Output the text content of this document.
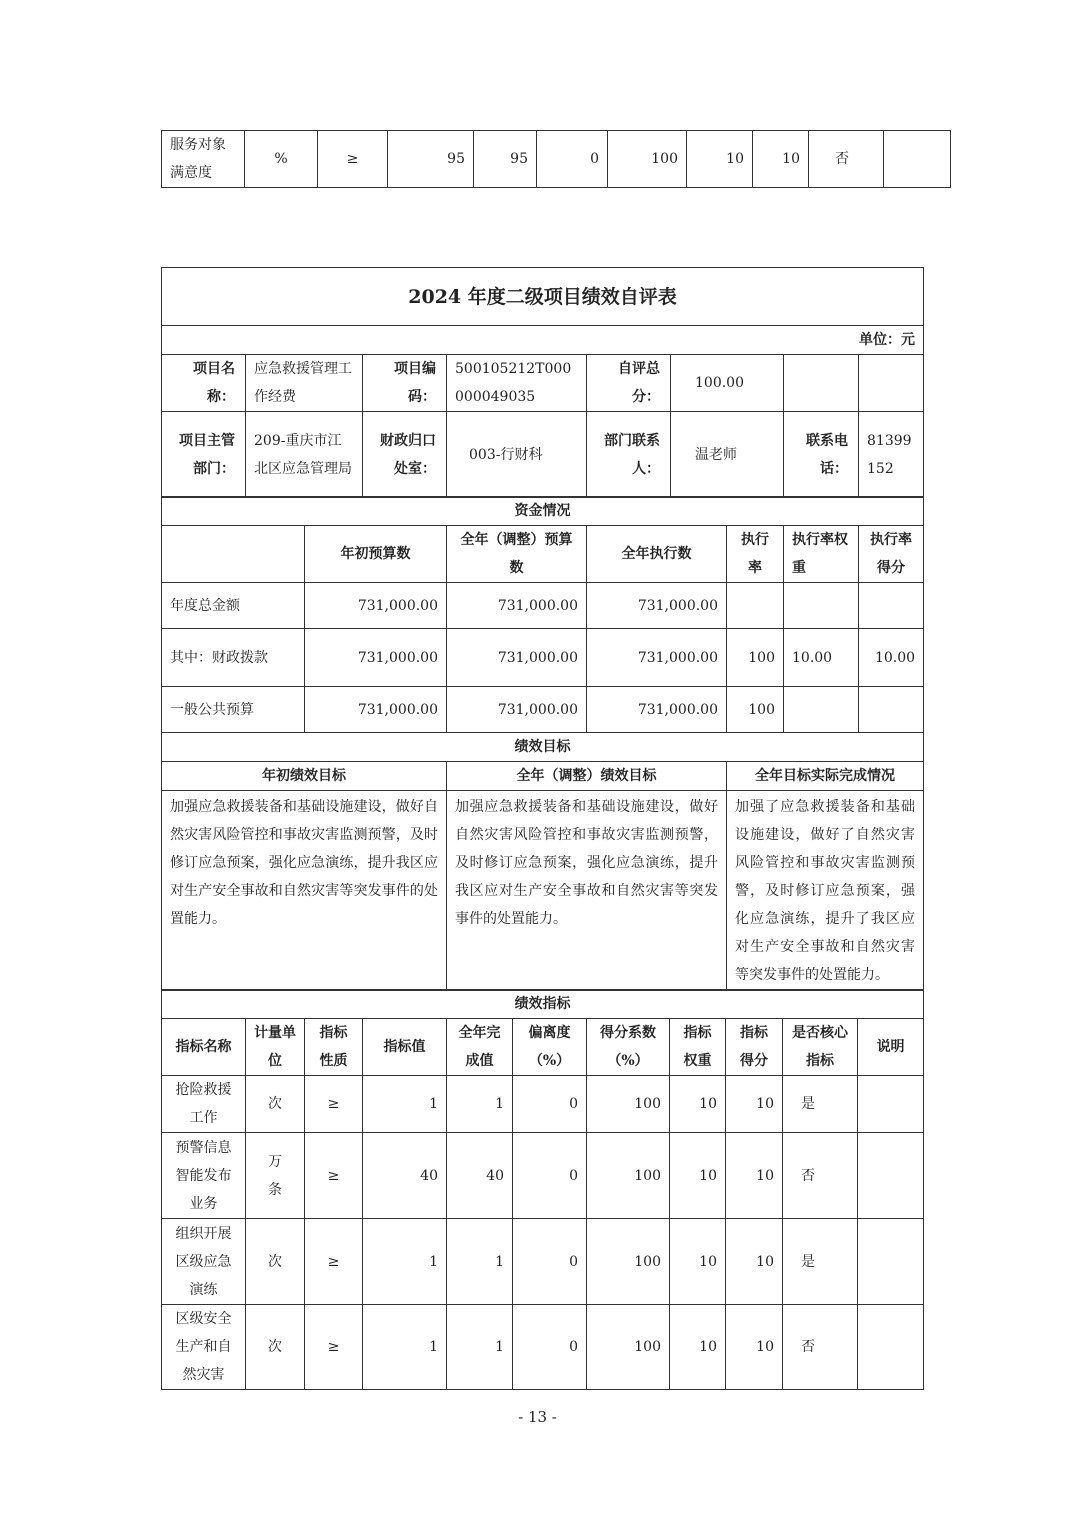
服务对象满意度	%	≥	95	95	0	100	10	10	否	
2024 年度二级项目绩效自评表							
单位：元							
项目名称：	应急救援管理工作经费	项目编码：	500105212T000000049035	自评总分：	100.00		
项目主管部门：	209-重庆市江北区应急管理局	财政归口处室：	003-行财科	部门联系人：	温老师	联系电话：	81399152
资金情况						
	年初预算数	全年（调整）预算数	全年执行数	执行率	执行率权重	执行率得分
年度总金额	731,000.00	731,000.00	731,000.00			
其中：财政拨款	731,000.00	731,000.00	731,000.00	100	10.00	10.00
一般公共预算	731,000.00	731,000.00	731,000.00	100		
绩效目标		
年初绩效目标	全年（调整）绩效目标	全年目标实际完成情况
加强应急救援装备和基础设施建设，做好自然灾害风险管控和事故灾害监测预警，及时修订应急预案，强化应急演练，提升我区应对生产安全事故和自然灾害等突发事件的处置能力。	加强应急救援装备和基础设施建设，做好自然灾害风险管控和事故灾害监测预警，及时修订应急预案，强化应急演练，提升我区应对生产安全事故和自然灾害等突发事件的处置能力。	加强了应急救援装备和基础设施建设，做好了自然灾害风险管控和事故灾害监测预警，及时修订应急预案，强化应急演练，提升了我区应对生产安全事故和自然灾害等突发事件的处置能力。
绩效指标										
指标名称	计量单位	指标性质	指标值	全年完成值	偏离度（%）	得分系数（%）	指标权重	指标得分	是否核心指标	说明
抢险救援工作	次	≥	1	1	0	100	10	10	是	
预警信息智能发布业务	万条	≥	40	40	0	100	10	10	否	
组织开展区级应急演练	次	≥	1	1	0	100	10	10	是	
区级安全生产和自然灾害	次	≥	1	1	0	100	10	10	否	
- 13 -
